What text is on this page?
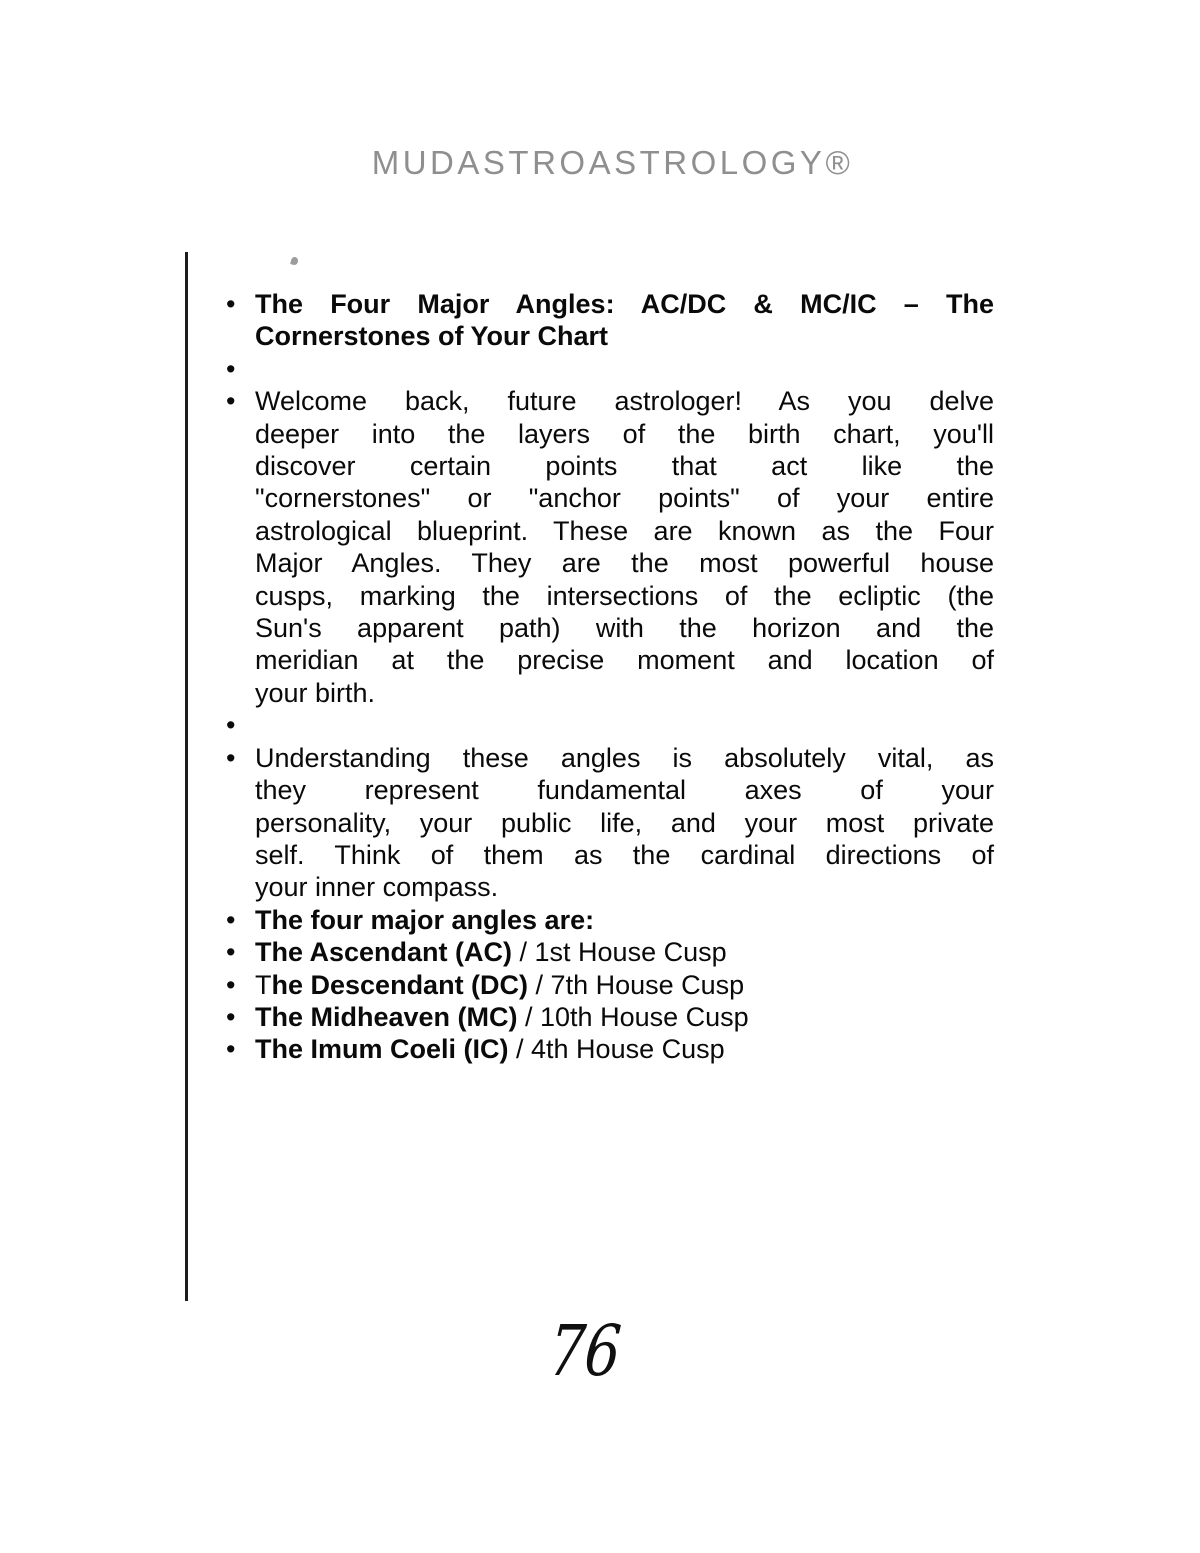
MUDASTROASTROLOGY®
• The Four Major Angles: AC/DC & MC/IC – The
Cornerstones of Your Chart
•
• Welcome back, future astrologer! As you delve
deeper into the layers of the birth chart, you'll
discover certain points that act like the
"cornerstones" or "anchor points" of your entire
astrological blueprint. These are known as the Four
Major Angles. They are the most powerful house
cusps, marking the intersections of the ecliptic (the
Sun's apparent path) with the horizon and the
meridian at the precise moment and location of
your birth.
•
• Understanding these angles is absolutely vital, as
they represent fundamental axes of your
personality, your public life, and your most private
self. Think of them as the cardinal directions of
your inner compass.
• The four major angles are:
• The Ascendant (AC) / 1st House Cusp
• The Descendant (DC) / 7th House Cusp
• The Midheaven (MC) / 10th House Cusp
• The Imum Coeli (IC) / 4th House Cusp
76
